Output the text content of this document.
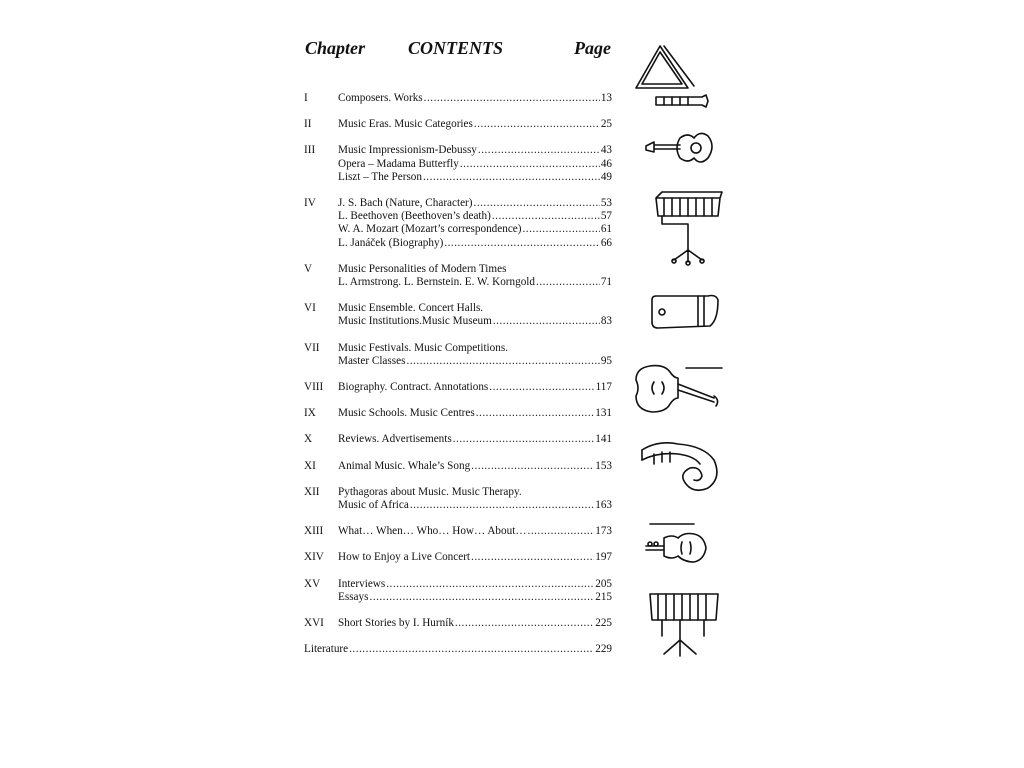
Chapter CONTENTS	Page
I	Composers. Works .....	13
II	Music Eras. Music Categories .....	25
III	Music Impressionism-Debussy .....	43
Opera – Madama Butterfly .....	46
Liszt – The Person .....	49
IV	J. S. Bach (Nature, Character) .....	53
L. Beethoven (Beethoven’s death) .....	57
W. A. Mozart (Mozart’s correspondence) .....	61
L. Janáček (Biography) .....	66
V	Music Personalities of Modern Times
L. Armstrong. L. Bernstein. E. W. Korngold .....	71
VI	Music Ensemble. Concert Halls.
Music Institutions.Music Museum .....	83
VII	Music Festivals. Music Competitions.
Master Classes .....	95
VIII	Biography. Contract. Annotations .....	117
IX	Music Schools. Music Centres .....	131
X	Reviews. Advertisements .....	141
XI	Animal Music. Whale’s Song .....	153
XII	Pythagoras about Music. Music Therapy.
Music of Africa .....	163
XIII	What… When… Who… How… About… .....	173
XIV	How to Enjoy a Live Concert .....	197
XV	Interviews .....	205
Essays .....	215
XVI	Short Stories by I. Hurník .....	225
Literature .....	229
